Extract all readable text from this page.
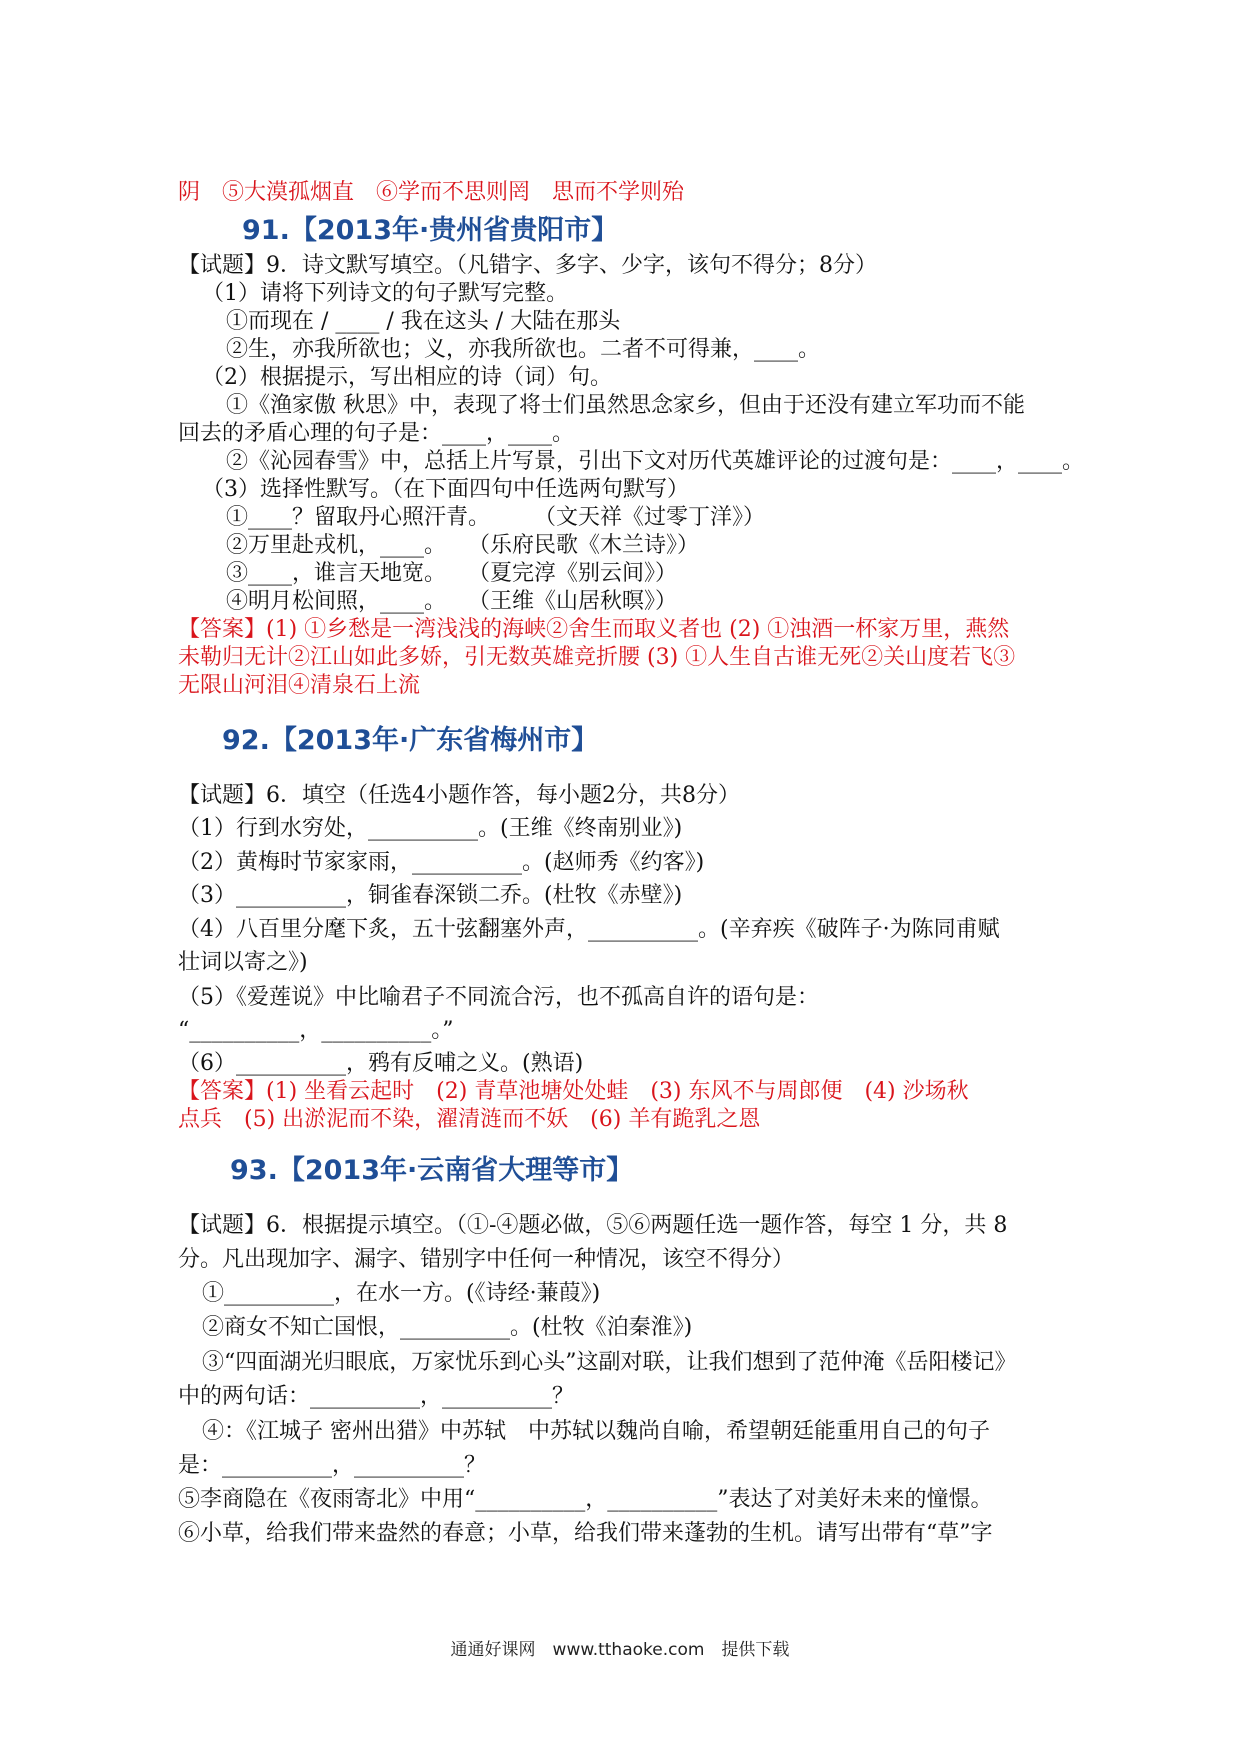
阴　⑤大漠孤烟直　⑥学而不思则罔　思而不学则殆
91.【2013年·贵州省贵阳市】
【试题】9．诗文默写填空。（凡错字、多字、少字，该句不得分；8分）
（1）请将下列诗文的句子默写完整。
①而现在 / ____ / 我在这头 / 大陆在那头
②生，亦我所欲也；义，亦我所欲也。二者不可得兼，____。
（2）根据提示，写出相应的诗（词）句。
①《渔家傲 秋思》中，表现了将士们虽然思念家乡，但由于还没有建立军功而不能
回去的矛盾心理的句子是：____，____。
②《沁园春雪》中，总括上片写景，引出下文对历代英雄评论的过渡句是：____，____。
（3）选择性默写。（在下面四句中任选两句默写）
①____？留取丹心照汗青。　　　（文天祥《过零丁洋》）
②万里赴戎机，____。　　（乐府民歌《木兰诗》）
③____，谁言天地宽。　　（夏完淳《别云间》）
④明月松间照，____。　　（王维《山居秋暝》）
【答案】(1) ①乡愁是一湾浅浅的海峡②舍生而取义者也 (2) ①浊酒一杯家万里，燕然
未勒归无计②江山如此多娇，引无数英雄竞折腰 (3) ①人生自古谁无死②关山度若飞③
无限山河泪④清泉石上流
92.【2013年·广东省梅州市】
【试题】6．填空（任选4小题作答，每小题2分，共8分）
（1）行到水穷处，__________。(王维《终南别业》)
（2）黄梅时节家家雨，__________。(赵师秀《约客》)
（3）__________，铜雀春深锁二乔。(杜牧《赤壁》)
（4）八百里分麾下炙，五十弦翻塞外声，__________。(辛弃疾《破阵子·为陈同甫赋
壮词以寄之》)
（5）《爱莲说》中比喻君子不同流合污，也不孤高自许的语句是：
“__________，__________。”
（6）__________，鸦有反哺之义。(熟语)
【答案】(1) 坐看云起时　(2) 青草池塘处处蛙　(3) 东风不与周郎便　(4) 沙场秋
点兵　(5) 出淤泥而不染，濯清涟而不妖　(6) 羊有跪乳之恩
93.【2013年·云南省大理等市】
【试题】6．根据提示填空。（①-④题必做，⑤⑥两题任选一题作答，每空 1 分，共 8
分。凡出现加字、漏字、错别字中任何一种情况，该空不得分）
①__________，在水一方。(《诗经·蒹葭》)
②商女不知亡国恨，__________。(杜牧《泊秦淮》)
③“四面湖光归眼底，万家忧乐到心头”这副对联，让我们想到了范仲淹《岳阳楼记》
中的两句话：__________，__________？
④：《江城子 密州出猎》中苏轼　中苏轼以魏尚自喻，希望朝廷能重用自己的句子
是：__________，__________？
⑤李商隐在《夜雨寄北》中用“__________，__________”表达了对美好未来的憧憬。
⑥小草，给我们带来盎然的春意；小草，给我们带来蓬勃的生机。请写出带有“草”字
通通好课网　www.tthaoke.com　提供下载
